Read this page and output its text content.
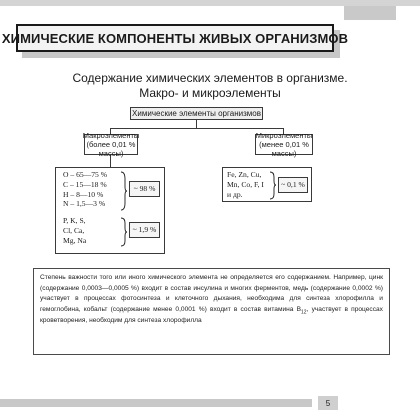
ХИМИЧЕСКИЕ КОМПОНЕНТЫ ЖИВЫХ ОРГАНИЗМОВ
Содержание химических элементов в организме.
Макро- и микроэлементы
Химические элементы организмов
Макроэлементы
(более 0,01 % массы)
Микроэлементы
(менее 0,01 % массы)
O – 65—75 %
C – 15—18 %
H – 8—10 %
N – 1,5—3 %
~ 98 %
P, K, S,
Cl, Ca,
Mg, Na
~ 1,9 %
Fe, Zn, Cu,
Mn, Co, F, I
и др.
~ 0,1 %
Степень важности того или иного химического элемента не определяется его содержанием. Например, цинк (содержание 0,0003—0,0005 %) входит в состав инсулина и многих ферментов, медь (содержание 0,0002 %) участвует в процессах фотосинтеза и клеточного дыхания, необходима для синтеза хлорофилла и гемоглобина, кобальт (содержание менее 0,0001 %) входит в состав витамина $B_{12}$, участвует в процессах кроветворения, необходим для синтеза хлорофилла
5
